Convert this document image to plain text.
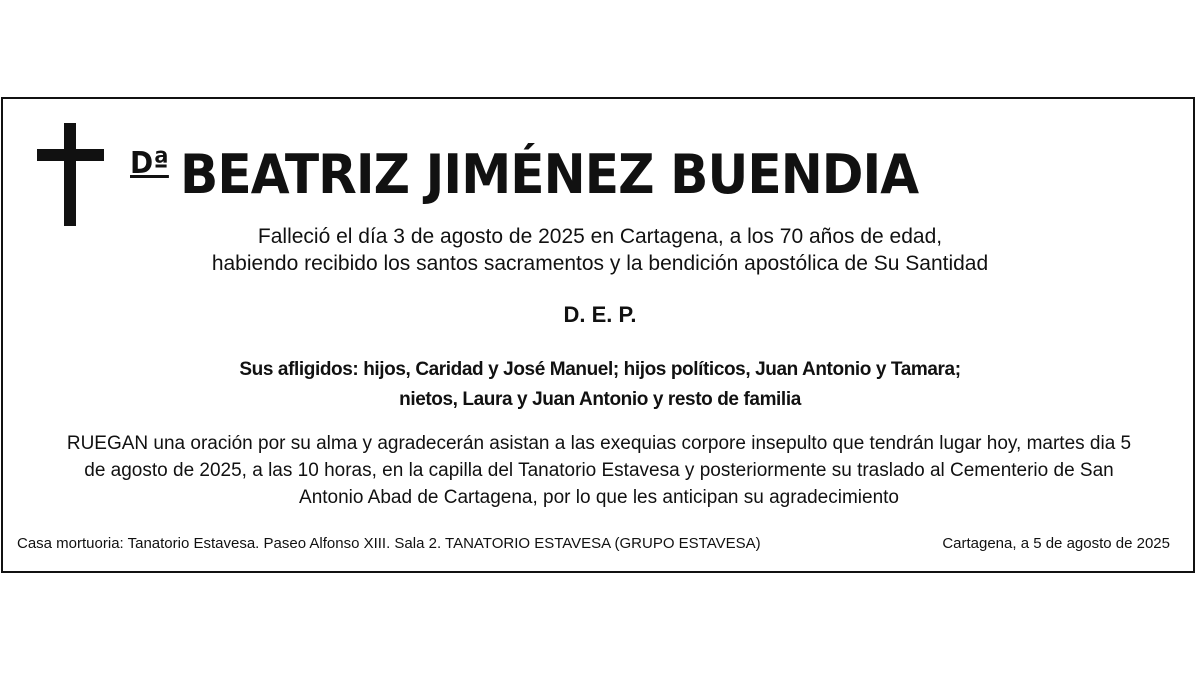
$^{Dª}$ BEATRIZ JIMÉNEZ BUENDIA
Falleció el día 3 de agosto de 2025 en Cartagena, a los 70 años de edad,
habiendo recibido los santos sacramentos y la bendición apostólica de Su Santidad
D. E. P.
Sus afligidos: hijos, Caridad y José Manuel; hijos políticos, Juan Antonio y Tamara;
nietos, Laura y Juan Antonio y resto de familia
RUEGAN una oración por su alma y agradecerán asistan a las exequias corpore insepulto que tendrán lugar hoy, martes dia 5
de agosto de 2025, a las 10 horas, en la capilla del Tanatorio Estavesa y posteriormente su traslado al Cementerio de San
Antonio Abad de Cartagena, por lo que les anticipan su agradecimiento
Casa mortuoria: Tanatorio Estavesa. Paseo Alfonso XIII. Sala 2. TANATORIO ESTAVESA (GRUPO ESTAVESA)	Cartagena, a 5 de agosto de 2025
